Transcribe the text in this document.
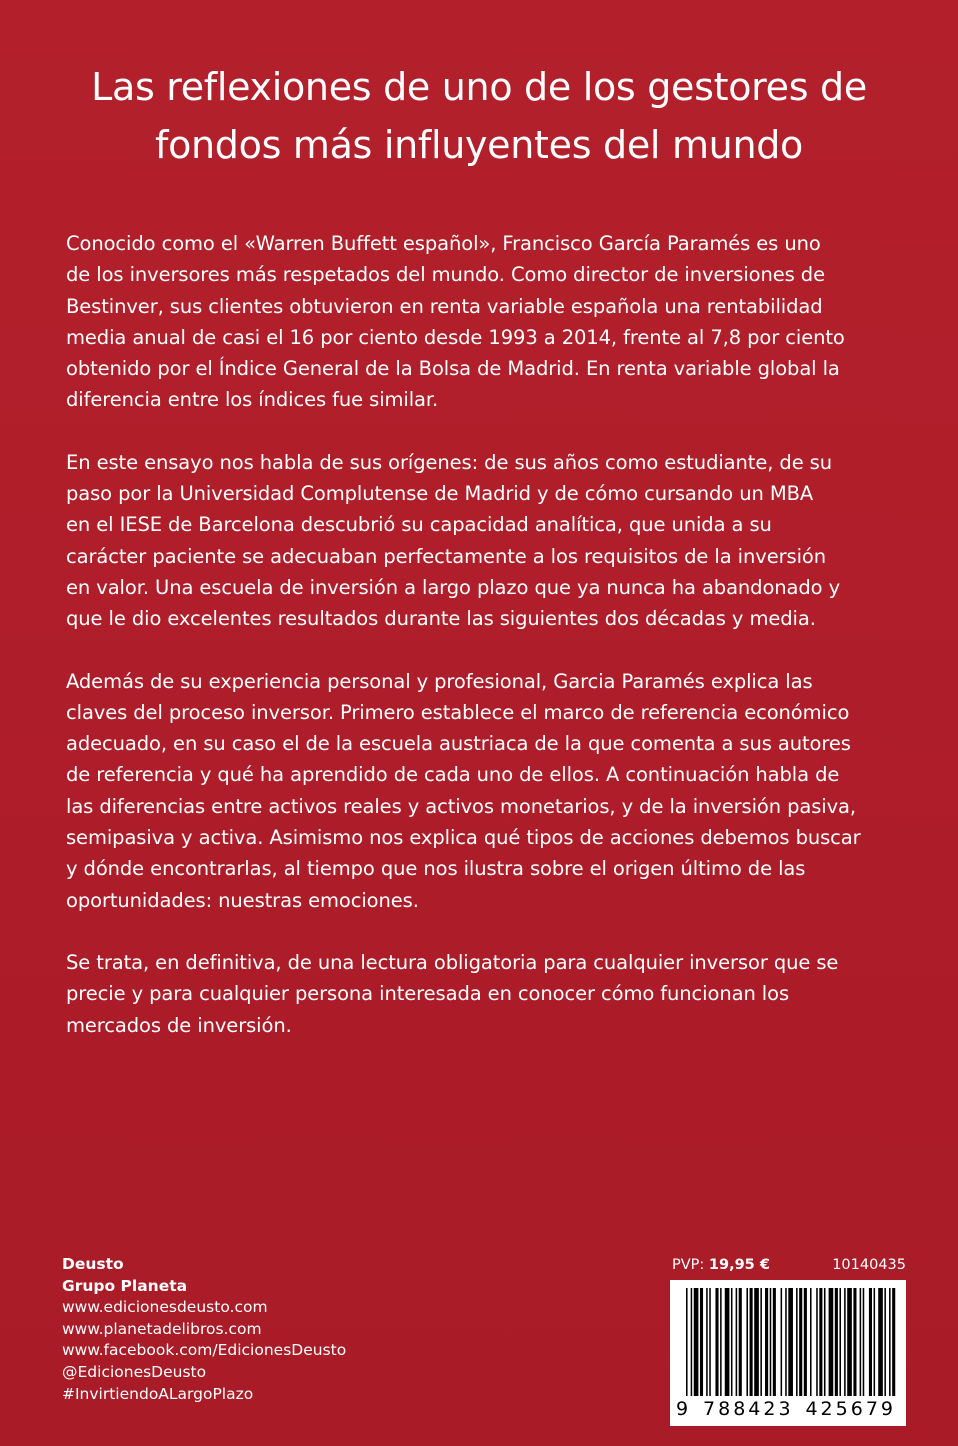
Las reflexiones de uno de los gestores de
fondos más influyentes del mundo

Conocido como el «Warren Buffett español», Francisco García Paramés es uno
de los inversores más respetados del mundo. Como director de inversiones de
Bestinver, sus clientes obtuvieron en renta variable española una rentabilidad
media anual de casi el 16 por ciento desde 1993 a 2014, frente al 7,8 por ciento
obtenido por el Índice General de la Bolsa de Madrid. En renta variable global la
diferencia entre los índices fue similar.

En este ensayo nos habla de sus orígenes: de sus años como estudiante, de su
paso por la Universidad Complutense de Madrid y de cómo cursando un MBA
en el IESE de Barcelona descubrió su capacidad analítica, que unida a su
carácter paciente se adecuaban perfectamente a los requisitos de la inversión
en valor. Una escuela de inversión a largo plazo que ya nunca ha abandonado y
que le dio excelentes resultados durante las siguientes dos décadas y media.

Además de su experiencia personal y profesional, Garcia Paramés explica las
claves del proceso inversor. Primero establece el marco de referencia económico
adecuado, en su caso el de la escuela austriaca de la que comenta a sus autores
de referencia y qué ha aprendido de cada uno de ellos. A continuación habla de
las diferencias entre activos reales y activos monetarios, y de la inversión pasiva,
semipasiva y activa. Asimismo nos explica qué tipos de acciones debemos buscar
y dónde encontrarlas, al tiempo que nos ilustra sobre el origen último de las
oportunidades: nuestras emociones.

Se trata, en definitiva, de una lectura obligatoria para cualquier inversor que se
precie y para cualquier persona interesada en conocer cómo funcionan los
mercados de inversión.

Deusto
Grupo Planeta
www.edicionesdeusto.com
www.planetadelibros.com
www.facebook.com/EdicionesDeusto
@EdicionesDeusto
#InvirtiendoALargoPlazo
PVP: 19,95 €	10140435
9 788423 425679
